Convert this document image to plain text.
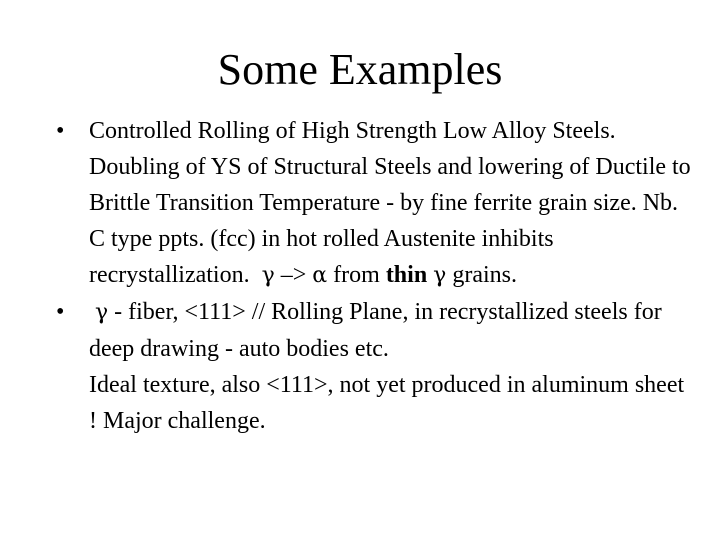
Some Examples
•	Controlled Rolling of High Strength Low Alloy Steels. Doubling of YS of Structural Steels and lowering of Ductile to Brittle Transition Temperature - by fine ferrite grain size. Nb. C type ppts. (fcc) in hot rolled Austenite inhibits recrystallization. γ –> α from thin γ grains.
•	γ - fiber, <111> // Rolling Plane, in recrystallized steels for deep drawing - auto bodies etc.
Ideal texture, also <111>, not yet produced in aluminum sheet ! Major challenge.
